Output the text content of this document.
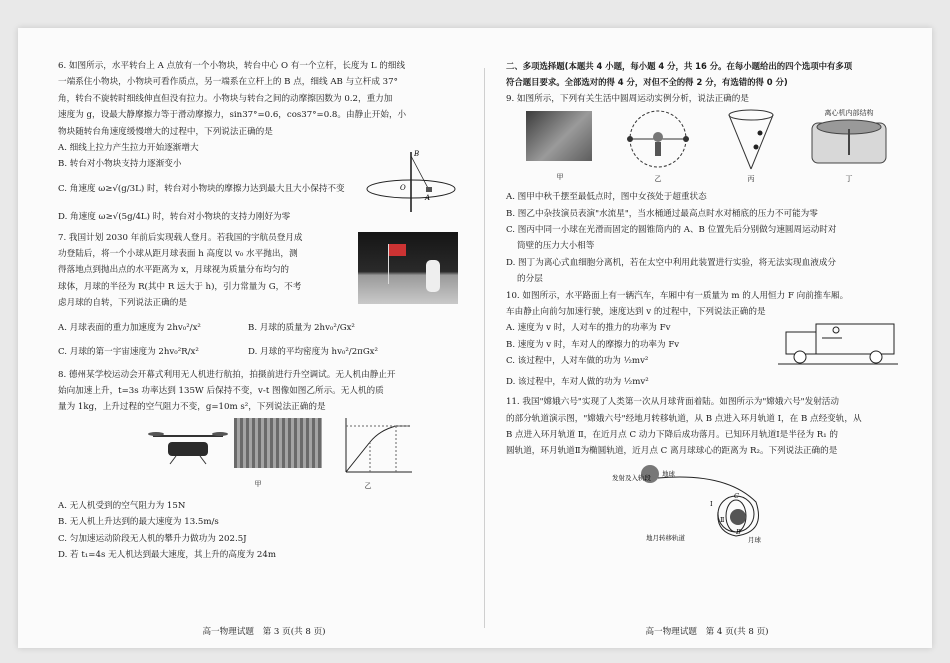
6. 如图所示，水平转台上 A 点放有一个小物块，转台中心 O 有一个立杆，长度为 L 的细线

一端系住小物块，小物块可看作质点，另一端系在立杆上的 B 点，细线 AB 与立杆成 37°

角，转台不旋转时细线伸直但没有拉力。小物块与转台之间的动摩擦因数为 0.2，重力加

速度为 g，设最大静摩擦力等于滑动摩擦力，sin37°=0.6，cos37°=0.8。由静止开始，小

物块随转台角速度缓慢增大的过程中，下列说法正确的是

A. 细线上拉力产生拉力开始逐渐增大

B. 转台对小物块支持力逐渐变小

C. 角速度 ω≥√(g/3L) 时，转台对小物块的摩擦力达到最大且大小保持不变

D. 角速度 ω≥√(5g/4L) 时，转台对小物块的支持力刚好为零

B
O
A

7. 我国计划 2030 年前后实现载人登月。若我国的宇航员登月成

功登陆后，将一个小球从距月球表面 h 高度以 v₀ 水平抛出，测

得落地点到抛出点的水平距离为 x，月球视为质量分布均匀的

球体，月球的半径为 R(其中 R 远大于 h)，引力常量为 G，不考

虑月球的自转，下列说法正确的是

A. 月球表面的重力加速度为 2hv₀²/x²	B. 月球的质量为 2hv₀²/Gx²

C. 月球的第一宇宙速度为 2hv₀²R/x²	D. 月球的平均密度为 hv₀²/2πGx²

8. 德州某学校运动会开幕式利用无人机进行航拍，拍摄前进行升空调试。无人机由静止开

始向加速上升，t=3s 功率达到 135W 后保持不变，v-t 图像如图乙所示。无人机的质

量为 1kg，上升过程的空气阻力不变，g=10m s²，下列说法正确的是

甲	乙

A. 无人机受到的空气阻力为 15N

B. 无人机上升达到的最大速度为 13.5m/s

C. 匀加速运动阶段无人机的攀升力做功为 202.5J

D. 若 t₁=4s 无人机达到最大速度，其上升的高度为 24m

高一物理试题　第 3 页(共 8 页)

二、多项选择题(本题共 4 小题，每小题 4 分，共 16 分。在每小题给出的四个选项中有多项

符合题目要求。全部选对的得 4 分，对但不全的得 2 分，有选错的得 0 分)

9. 如图所示，下列有关生活中圆周运动实例分析，说法正确的是

离心机内部结构
甲	乙	丙	丁

A. 图甲中秋千摆至最低点时，图中女孩处于超重状态

B. 图乙中杂技演员表演"水流星"，当水桶通过最高点时水对桶底的压力不可能为零

C. 图丙中同一小球在光滑而固定的圆锥筒内的 A、B 位置先后分别做匀速圆周运动时对

筒壁的压力大小相等

D. 图丁为离心式血细胞分离机，若在太空中利用此装置进行实验，将无法实现血液成分

的分层

10. 如图所示，水平路面上有一辆汽车，车厢中有一质量为 m 的人用恒力 F 向前推车厢。

车由静止向前匀加速行驶，速度达到 v 的过程中，下列说法正确的是

A. 速度为 v 时，人对车的推力的功率为 Fv

B. 速度为 v 时，车对人的摩擦力的功率为 Fv

C. 该过程中，人对车做的功为 ½mv²

D. 该过程中，车对人做的功为 ½mv²

11. 我国"嫦娥六号"实现了人类第一次从月球背面着陆。如图所示为"嫦娥六号"发射活动

的部分轨道演示图，"嫦娥六号"经地月转移轨道，从 B 点进入环月轨道 Ⅰ，在 B 点经变轨，从

B 点进入环月轨道 Ⅱ，在近月点 C 动力下降后成功落月。已知环月轨道Ⅰ是半径为 R₁ 的

圆轨道，环月轨道Ⅱ为椭圆轨道，近月点 C 离月球球心的距离为 R₂。下列说法正确的是

发射及入轨段 地球
地月转移轨道	月球
Ⅰ
Ⅱ
B
C
高一物理试题　第 4 页(共 8 页)
